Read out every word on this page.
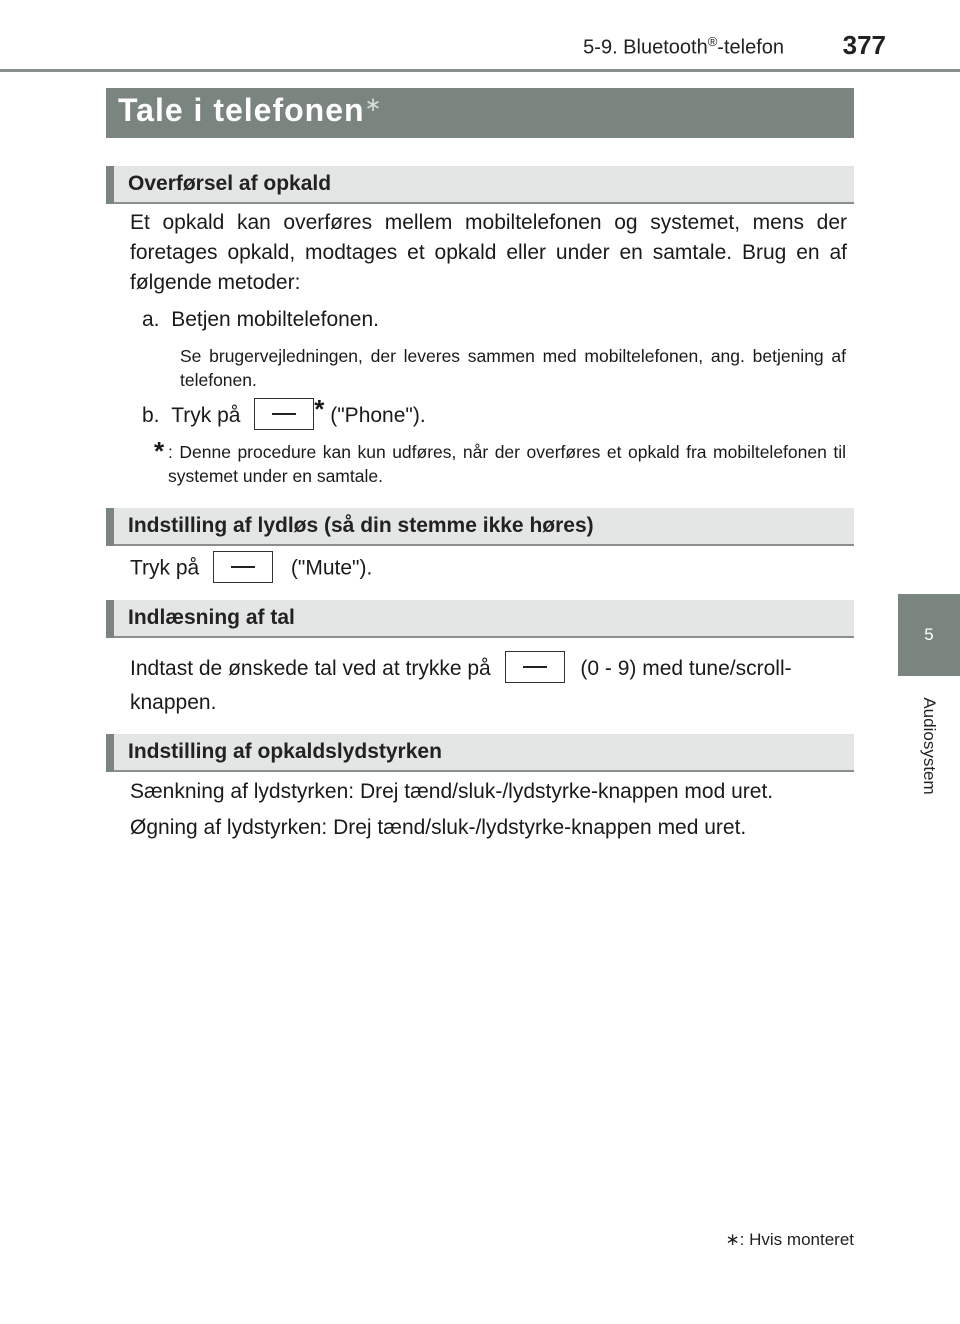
5-9. Bluetooth®-telefon 377
5
Audiosystem
Tale i telefonen∗
Overførsel af opkald
Et opkald kan overføres mellem mobiltelefonen og systemet, mens der foretages opkald, modtages et opkald eller under en samtale. Brug en af følgende metoder:
a. Betjen mobiltelefonen.
Se brugervejledningen, der leveres sammen med mobiltelefonen, ang. betjening af telefonen.
b. Tryk på	* ("Phone").
* : Denne procedure kan kun udføres, når der overføres et opkald fra mobiltelefonen til systemet under en samtale.
Indstilling af lydløs (så din stemme ikke høres)
Tryk på	("Mute").
Indlæsning af tal
Indtast de ønskede tal ved at trykke på	(0 - 9) med tune/scroll-knappen.
Indstilling af opkaldslydstyrken
Sænkning af lydstyrken: Drej tænd/sluk-/lydstyrke-knappen mod uret.
Øgning af lydstyrken: Drej tænd/sluk-/lydstyrke-knappen med uret.
∗: Hvis monteret
